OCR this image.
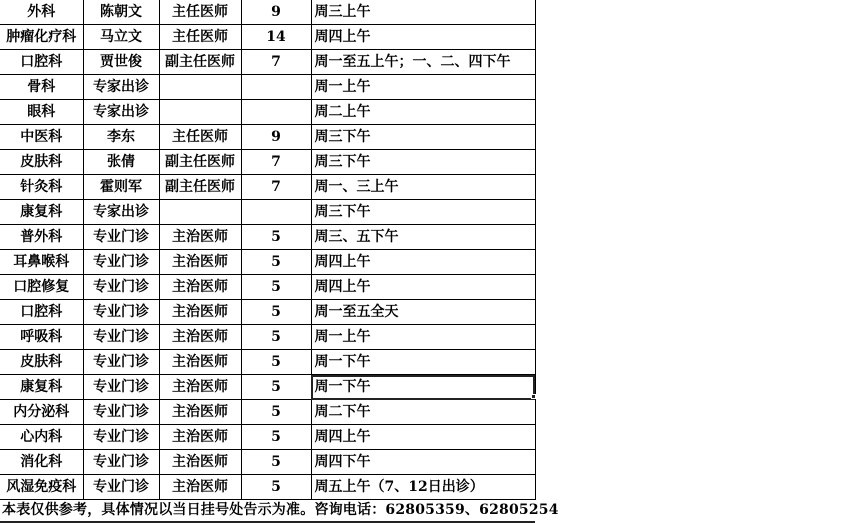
外科	陈朝文	主任医师	9	周三上午
肿瘤化疗科	马立文	主任医师	14	周四上午
口腔科	贾世俊	副主任医师	7	周一至五上午；一、二、四下午
骨科	专家出诊			周一上午
眼科	专家出诊			周二上午
中医科	李东	主任医师	9	周三下午
皮肤科	张倩	副主任医师	7	周三下午
针灸科	霍则军	副主任医师	7	周一、三上午
康复科	专家出诊			周三下午
普外科	专业门诊	主治医师	5	周三、五下午
耳鼻喉科	专业门诊	主治医师	5	周四上午
口腔修复	专业门诊	主治医师	5	周四上午
口腔科	专业门诊	主治医师	5	周一至五全天
呼吸科	专业门诊	主治医师	5	周一上午
皮肤科	专业门诊	主治医师	5	周一下午
康复科	专业门诊	主治医师	5	周一下午
内分泌科	专业门诊	主治医师	5	周二下午
心内科	专业门诊	主治医师	5	周四上午
消化科	专业门诊	主治医师	5	周四下午
风湿免疫科	专业门诊	主治医师	5	周五上午（7、12日出诊）
本表仅供参考，具体情况以当日挂号处告示为准。咨询电话：62805359、62805254
